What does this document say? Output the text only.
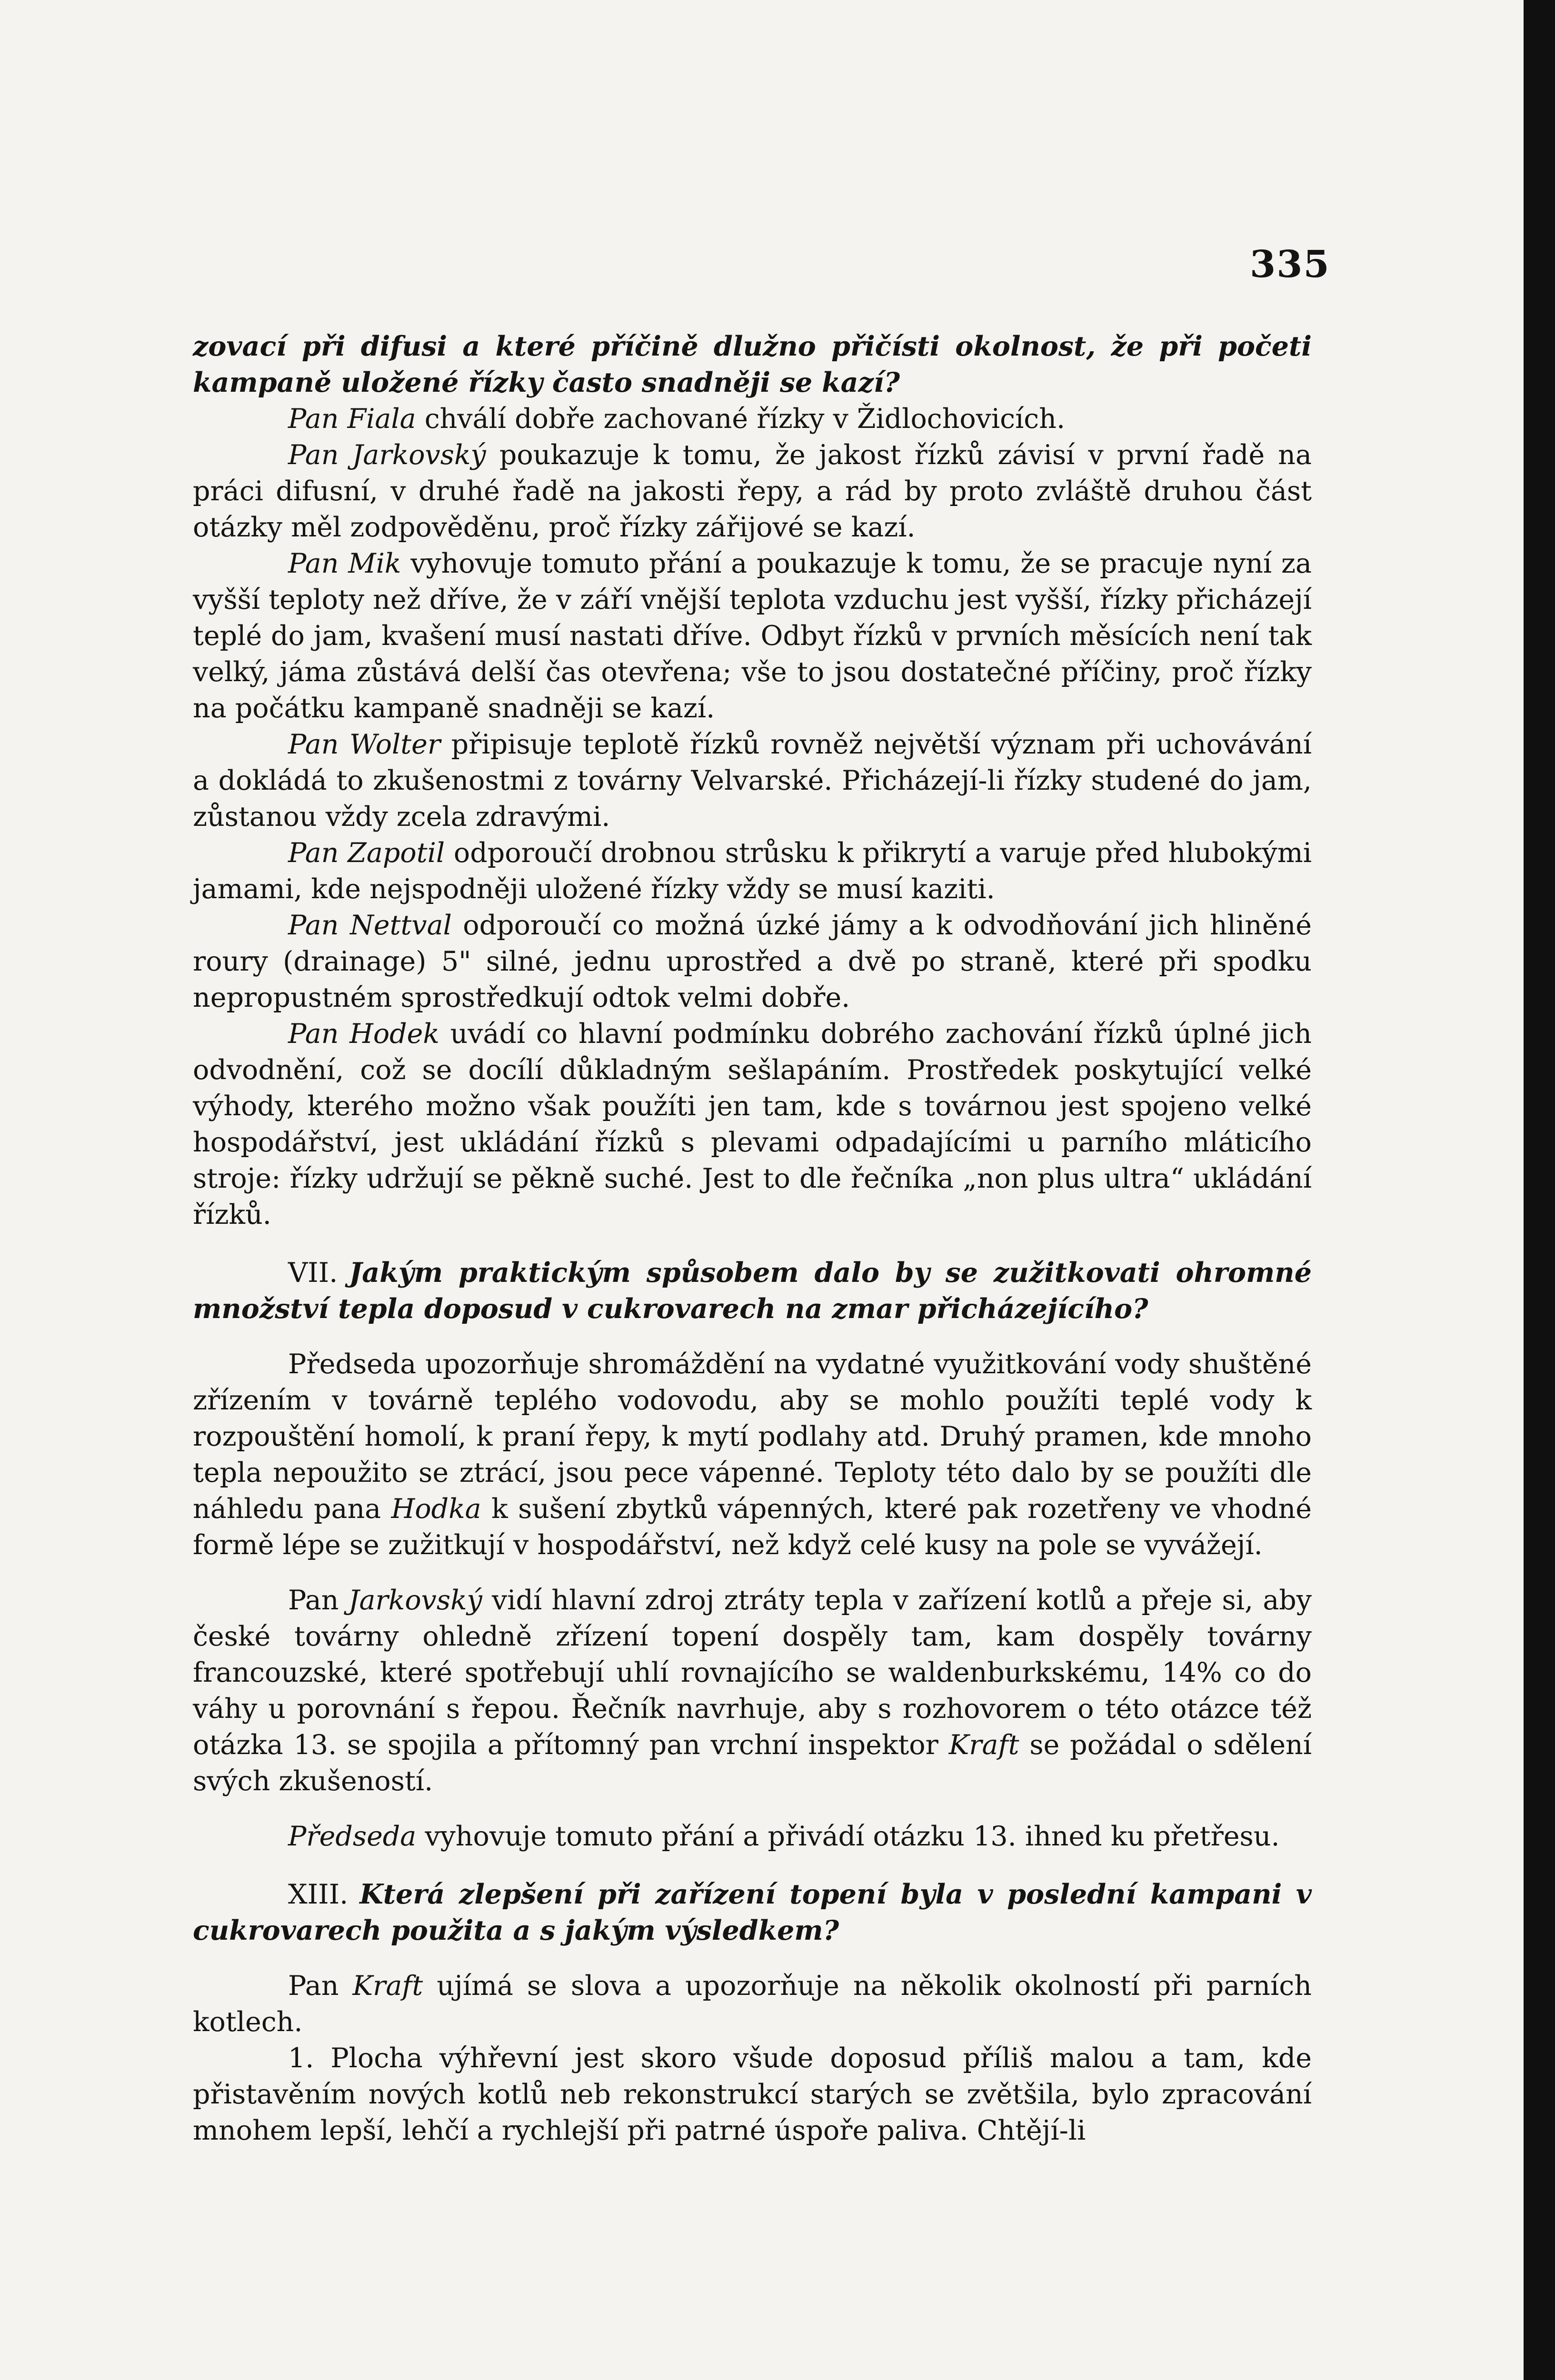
335

zovací při difusi a které příčině dlužno přičísti okolnost, že při početi kampaně uložené řízky často snadněji se kazí?

Pan Fiala chválí dobře zachované řízky v Židlochovicích.

Pan Jarkovský poukazuje k tomu, že jakost řízků závisí v první řadě na práci difusní, v druhé řadě na jakosti řepy, a rád by proto zvláště druhou část otázky měl zodpověděnu, proč řízky zářijové se kazí.

Pan Mik vyhovuje tomuto přání a poukazuje k tomu, že se pracuje nyní za vyšší teploty než dříve, že v září vnější teplota vzduchu jest vyšší, řízky přicházejí teplé do jam, kvašení musí nastati dříve. Odbyt řízků v prvních měsících není tak velký, jáma zůstává delší čas otevřena; vše to jsou dostatečné příčiny, proč řízky na počátku kampaně snadněji se kazí.

Pan Wolter připisuje teplotě řízků rovněž největší význam při uchovávání a dokládá to zkušenostmi z továrny Velvarské. Přicházejí-li řízky studené do jam, zůstanou vždy zcela zdravými.

Pan Zapotil odporoučí drobnou strůsku k přikrytí a varuje před hlubokými jamami, kde nejspodněji uložené řízky vždy se musí kaziti.

Pan Nettval odporoučí co možná úzké jámy a k odvodňování jich hliněné roury (drainage) 5" silné, jednu uprostřed a dvě po straně, které při spodku nepropustném sprostředkují odtok velmi dobře.

Pan Hodek uvádí co hlavní podmínku dobrého zachování řízků úplné jich odvodnění, což se docílí důkladným sešlapáním. Prostředek poskytující velké výhody, kterého možno však použíti jen tam, kde s továrnou jest spojeno velké hospodářství, jest ukládání řízků s plevami odpadajícími u parního mláticího stroje: řízky udržují se pěkně suché. Jest to dle řečníka „non plus ultra“ ukládání řízků.

VII. Jakým praktickým spůsobem dalo by se zužitkovati ohromné množství tepla doposud v cukrovarech na zmar přicházejícího?

Předseda upozorňuje shromáždění na vydatné využitkování vody shuštěné zřízením v továrně teplého vodovodu, aby se mohlo použíti teplé vody k rozpouštění homolí, k praní řepy, k mytí podlahy atd. Druhý pramen, kde mnoho tepla nepoužito se ztrácí, jsou pece vápenné. Teploty této dalo by se použíti dle náhledu pana Hodka k sušení zbytků vápenných, které pak rozetřeny ve vhodné formě lépe se zužitkují v hospodářství, než když celé kusy na pole se vyvážejí.

Pan Jarkovský vidí hlavní zdroj ztráty tepla v zařízení kotlů a přeje si, aby české továrny ohledně zřízení topení dospěly tam, kam dospěly továrny francouzské, které spotřebují uhlí rovnajícího se waldenburkskému, 14% co do váhy u porovnání s řepou. Řečník navrhuje, aby s rozhovorem o této otázce též otázka 13. se spojila a přítomný pan vrchní inspektor Kraft se požádal o sdělení svých zkušeností.

Předseda vyhovuje tomuto přání a přivádí otázku 13. ihned ku přetřesu.

XIII. Která zlepšení při zařízení topení byla v poslední kampani v cukrovarech použita a s jakým výsledkem?

Pan Kraft ujímá se slova a upozorňuje na několik okolností při parních kotlech.

1. Plocha výhřevní jest skoro všude doposud příliš malou a tam, kde přistavěním nových kotlů neb rekonstrukcí starých se zvětšila, bylo zpracování mnohem lepší, lehčí a rychlejší při patrné úspoře paliva. Chtějí-li
